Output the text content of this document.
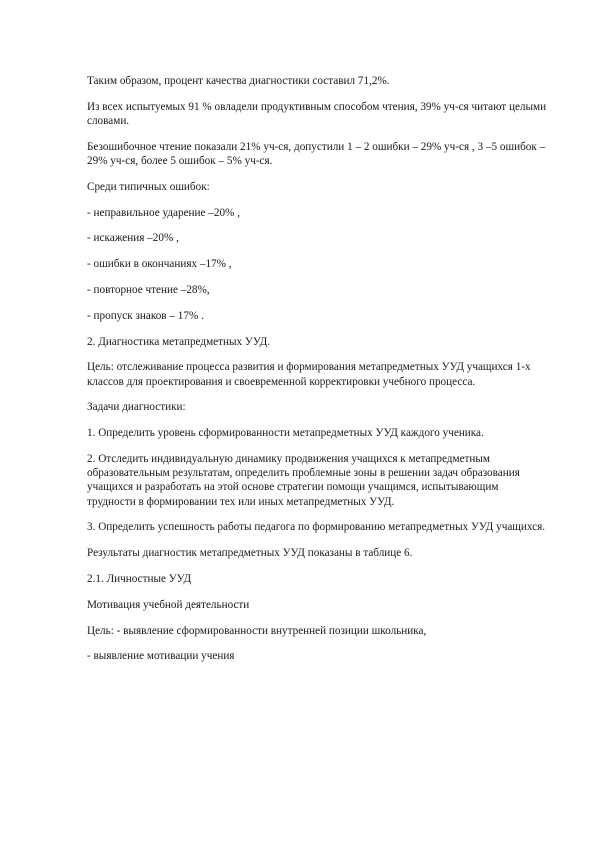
Таким образом, процент качества диагностики составил 71,2%.

Из всех испытуемых 91 % овладели продуктивным способом чтения, 39% уч-ся читают целыми словами.

Безошибочное чтение показали 21% уч-ся, допустили 1 – 2 ошибки – 29% уч-ся , 3 –5 ошибок – 29% уч-ся, более 5 ошибок – 5% уч-ся.

Среди типичных ошибок:

- неправильное ударение –20% ,

- искажения –20% ,

- ошибки в окончаниях –17% ,

- повторное чтение –28%,

- пропуск знаков – 17% .

2. Диагностика метапредметных УУД.

Цель: отслеживание процесса развития и формирования метапредметных УУД учащихся 1-х классов для проектирования и своевременной корректировки учебного процесса.

Задачи диагностики:

1. Определить уровень сформированности метапредметных УУД каждого ученика.

2. Отследить индивидуальную динамику продвижения учащихся к метапредметным образовательным результатам, определить проблемные зоны в решении задач образования учащихся и разработать на этой основе стратегии помощи учащимся, испытывающим трудности в формировании тех или иных метапредметных УУД.

3. Определить успешность работы педагога по формированию метапредметных УУД учащихся.

Результаты диагностик метапредметных УУД показаны в таблице 6.

2.1. Личностные УУД

Мотивация учебной деятельности

Цель: - выявление сформированности внутренней позиции школьника,

- выявление мотивации учения
